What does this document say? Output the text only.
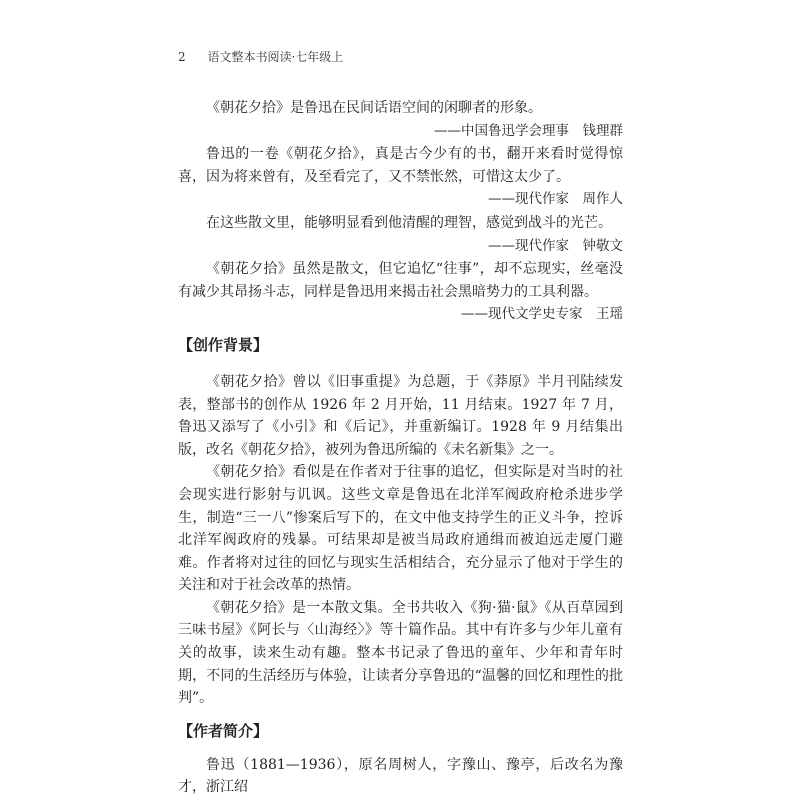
2 语文整本书阅读·七年级上

《朝花夕拾》是鲁迅在民间话语空间的闲聊者的形象。

——中国鲁迅学会理事　钱理群

鲁迅的一卷《朝花夕拾》，真是古今少有的书，翻开来看时觉得惊喜，因为将来曾有，及至看完了，又不禁怅然，可惜这太少了。

——现代作家　周作人

在这些散文里，能够明显看到他清醒的理智，感觉到战斗的光芒。

——现代作家　钟敬文

《朝花夕拾》虽然是散文，但它追忆“往事”，却不忘现实，丝毫没有减少其昂扬斗志，同样是鲁迅用来揭击社会黑暗势力的工具利器。

——现代文学史专家　王瑶

【创作背景】

《朝花夕拾》曾以《旧事重提》为总题，于《莽原》半月刊陆续发表，整部书的创作从 1926 年 2 月开始，11 月结束。1927 年 7 月，鲁迅又添写了《小引》和《后记》，并重新编订。1928 年 9 月结集出版，改名《朝花夕拾》，被列为鲁迅所编的《未名新集》之一。

《朝花夕拾》看似是在作者对于往事的追忆，但实际是对当时的社会现实进行影射与讥讽。这些文章是鲁迅在北洋军阀政府枪杀进步学生，制造“三一八”惨案后写下的，在文中他支持学生的正义斗争，控诉北洋军阀政府的残暴。可结果却是被当局政府通缉而被迫远走厦门避难。作者将对过往的回忆与现实生活相结合，充分显示了他对于学生的关注和对于社会改革的热情。

《朝花夕拾》是一本散文集。全书共收入《狗·猫·鼠》《从百草园到三味书屋》《阿长与〈山海经〉》等十篇作品。其中有许多与少年儿童有关的故事，读来生动有趣。整本书记录了鲁迅的童年、少年和青年时期，不同的生活经历与体验，让读者分享鲁迅的“温馨的回忆和理性的批判”。

【作者简介】

鲁迅（1881—1936），原名周树人，字豫山、豫亭，后改名为豫才，浙江绍
